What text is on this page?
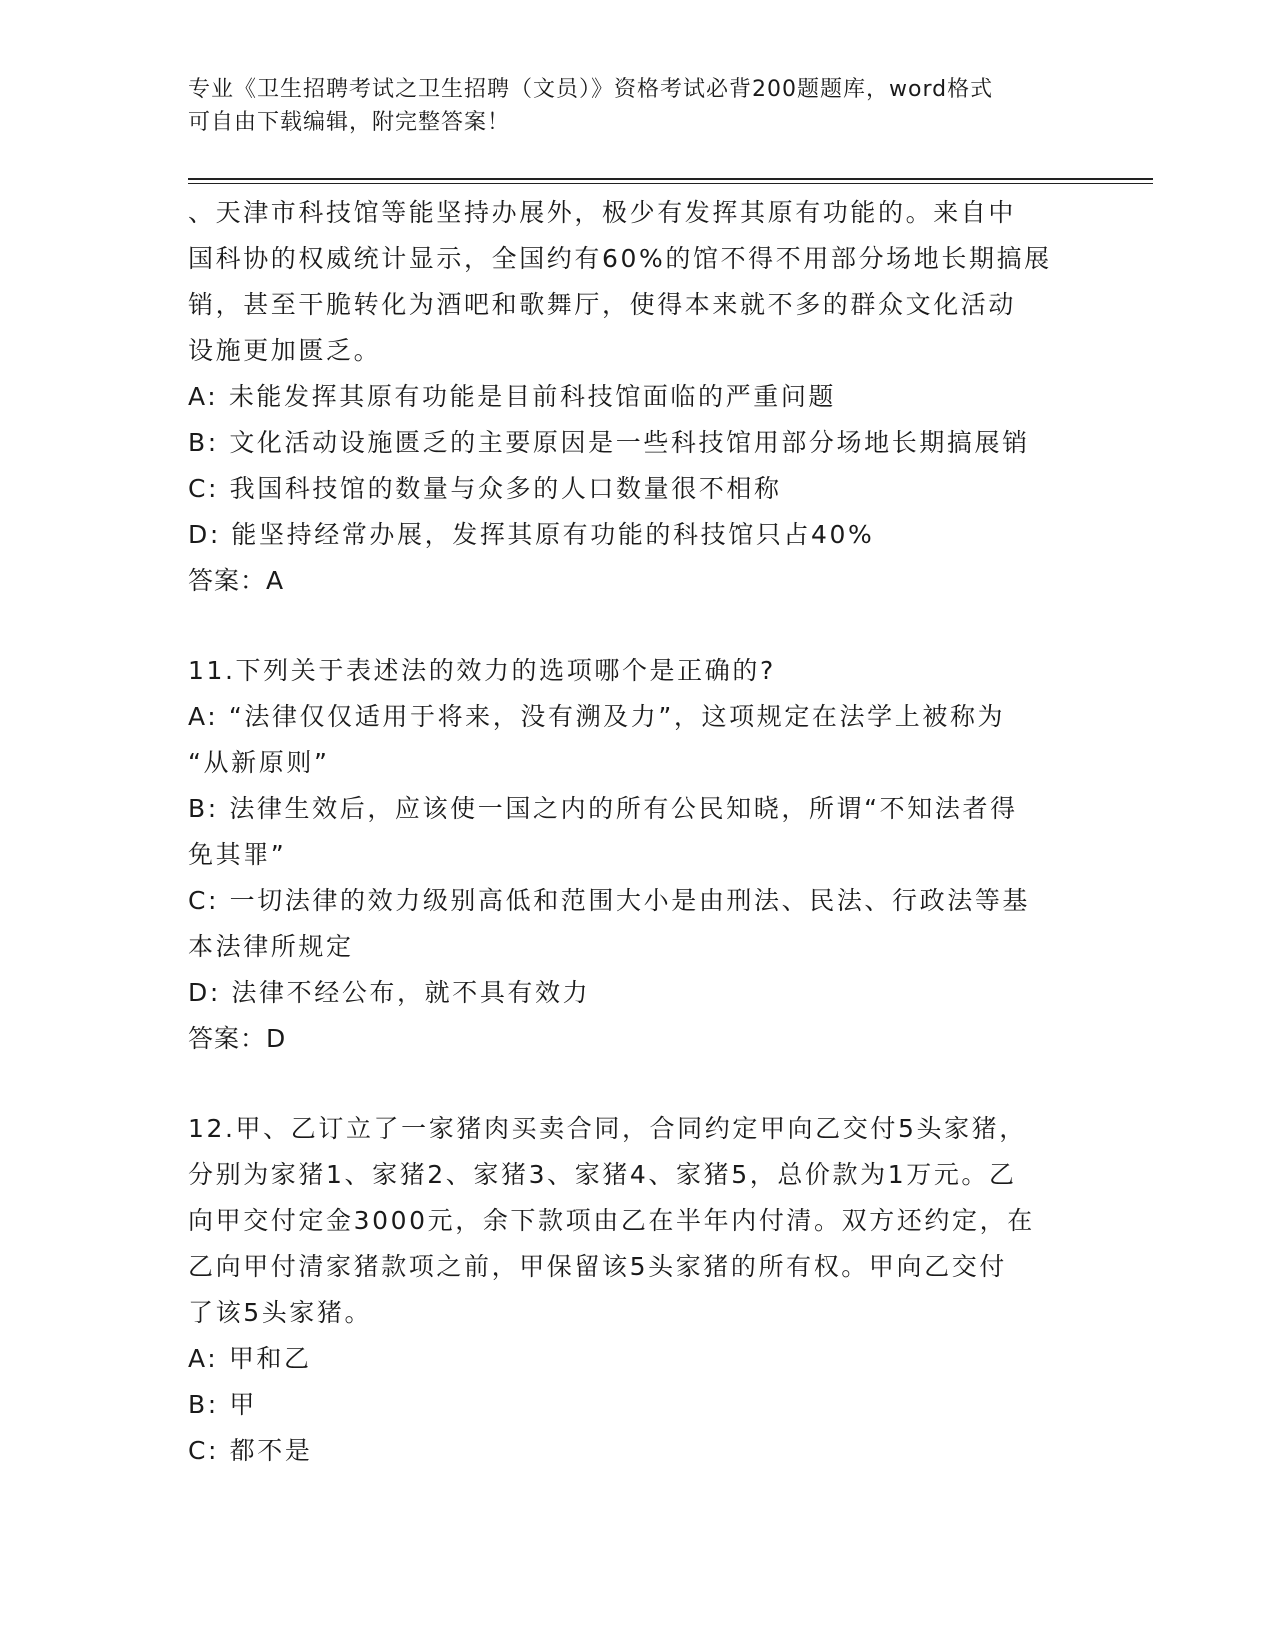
专业《卫生招聘考试之卫生招聘（文员）》资格考试必背200题题库，word格式
可自由下载编辑，附完整答案！

、天津市科技馆等能坚持办展外，极少有发挥其原有功能的。来自中

国科协的权威统计显示，全国约有60%的馆不得不用部分场地长期搞展

销，甚至干脆转化为酒吧和歌舞厅，使得本来就不多的群众文化活动

设施更加匮乏。

A: 未能发挥其原有功能是目前科技馆面临的严重问题

B: 文化活动设施匮乏的主要原因是一些科技馆用部分场地长期搞展销

C: 我国科技馆的数量与众多的人口数量很不相称

D: 能坚持经常办展，发挥其原有功能的科技馆只占40%

答案：A

11.下列关于表述法的效力的选项哪个是正确的?

A: “法律仅仅适用于将来，没有溯及力”，这项规定在法学上被称为

“从新原则”

B: 法律生效后，应该使一国之内的所有公民知晓，所谓“不知法者得

免其罪”

C: 一切法律的效力级别高低和范围大小是由刑法、民法、行政法等基

本法律所规定

D: 法律不经公布，就不具有效力

答案：D

12.甲、乙订立了一家猪肉买卖合同，合同约定甲向乙交付5头家猪，

分别为家猪1、家猪2、家猪3、家猪4、家猪5，总价款为1万元。乙

向甲交付定金3000元，余下款项由乙在半年内付清。双方还约定，在

乙向甲付清家猪款项之前，甲保留该5头家猪的所有权。甲向乙交付

了该5头家猪。

A: 甲和乙

B: 甲

C: 都不是
